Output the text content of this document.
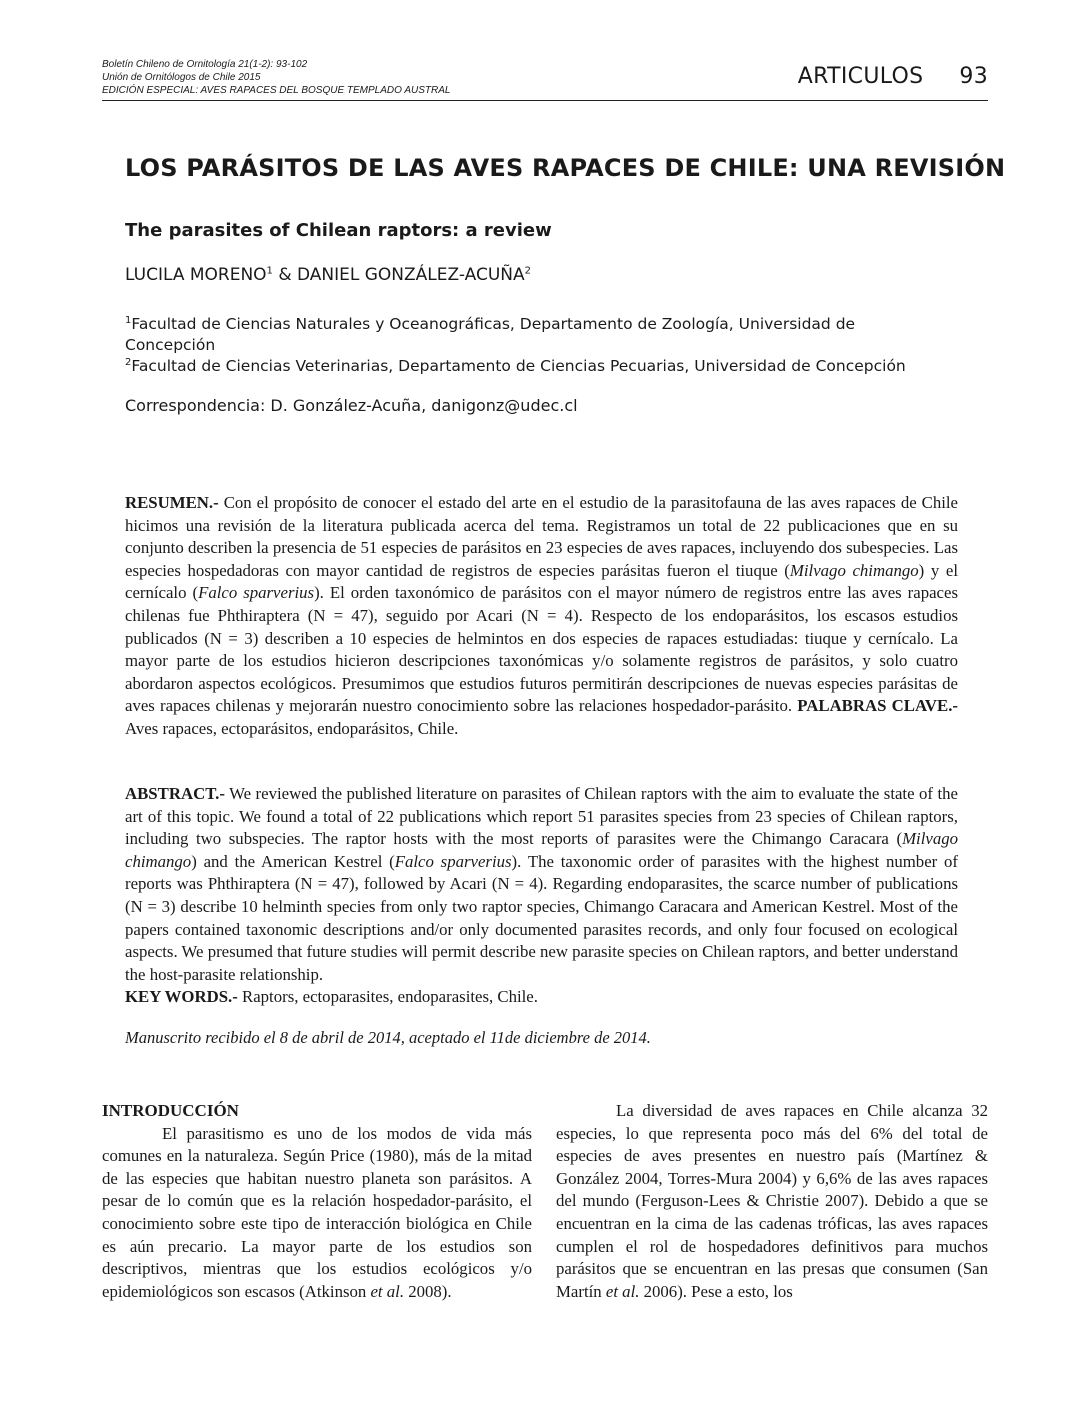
Boletín Chileno de Ornitología 21(1-2): 93-102
Unión de Ornitólogos de Chile 2015
EDICIÓN ESPECIAL: AVES RAPACES DEL BOSQUE TEMPLADO AUSTRAL
ARTICULOS 93
LOS PARÁSITOS DE LAS AVES RAPACES DE CHILE: UNA REVISIÓN
The parasites of Chilean raptors: a review
LUCILA MORENO$^1$ & DANIEL GONZÁLEZ-ACUÑA$^2$
$^1$Facultad de Ciencias Naturales y Oceanográficas, Departamento de Zoología, Universidad de Concepción
$^2$Facultad de Ciencias Veterinarias, Departamento de Ciencias Pecuarias, Universidad de Concepción
Correspondencia: D. González-Acuña, danigonz@udec.cl
RESUMEN.- Con el propósito de conocer el estado del arte en el estudio de la parasitofauna de las aves rapaces de Chile hicimos una revisión de la literatura publicada acerca del tema. Registramos un total de 22 publicaciones que en su conjunto describen la presencia de 51 especies de parásitos en 23 especies de aves rapaces, incluyendo dos subespecies. Las especies hospedadoras con mayor cantidad de registros de especies parásitas fueron el tiuque (Milvago chimango) y el cernícalo (Falco sparverius). El orden taxonómico de parásitos con el mayor número de registros entre las aves rapaces chilenas fue Phthiraptera (N = 47), seguido por Acari (N = 4). Respecto de los endoparásitos, los escasos estudios publicados (N = 3) describen a 10 especies de helmintos en dos especies de rapaces estudiadas: tiuque y cernícalo. La mayor parte de los estudios hicieron descripciones taxonómicas y/o solamente registros de parásitos, y solo cuatro abordaron aspectos ecológicos. Presumimos que estudios futuros permitirán descripciones de nuevas especies parásitas de aves rapaces chilenas y mejorarán nuestro conocimiento sobre las relaciones hospedador-parásito. PALABRAS CLAVE.- Aves rapaces, ectoparásitos, endoparásitos, Chile.
ABSTRACT.- We reviewed the published literature on parasites of Chilean raptors with the aim to evaluate the state of the art of this topic. We found a total of 22 publications which report 51 parasites species from 23 species of Chilean raptors, including two subspecies. The raptor hosts with the most reports of parasites were the Chimango Caracara (Milvago chimango) and the American Kestrel (Falco sparverius). The taxonomic order of parasites with the highest number of reports was Phthiraptera (N = 47), followed by Acari (N = 4). Regarding endoparasites, the scarce number of publications (N = 3) describe 10 helminth species from only two raptor species, Chimango Caracara and American Kestrel. Most of the papers contained taxonomic descriptions and/or only documented parasites records, and only four focused on ecological aspects. We presumed that future studies will permit describe new parasite species on Chilean raptors, and better understand the host-parasite relationship.
KEY WORDS.- Raptors, ectoparasites, endoparasites, Chile.
Manuscrito recibido el 8 de abril de 2014, aceptado el 11de diciembre de 2014.
INTRODUCCIÓN

El parasitismo es uno de los modos de vida más comunes en la naturaleza. Según Price (1980), más de la mitad de las especies que habitan nuestro planeta son parásitos. A pesar de lo común que es la relación hospedador-parásito, el conocimiento sobre este tipo de interacción biológica en Chile es aún precario. La mayor parte de los estudios son descriptivos, mientras que los estudios ecológicos y/o epidemiológicos son escasos (Atkinson et al. 2008).

La diversidad de aves rapaces en Chile alcanza 32 especies, lo que representa poco más del 6% del total de especies de aves presentes en nuestro país (Martínez & González 2004, Torres-Mura 2004) y 6,6% de las aves rapaces del mundo (Ferguson-Lees & Christie 2007). Debido a que se encuentran en la cima de las cadenas tróficas, las aves rapaces cumplen el rol de hospedadores definitivos para muchos parásitos que se encuentran en las presas que consumen (San Martín et al. 2006). Pese a esto, los
